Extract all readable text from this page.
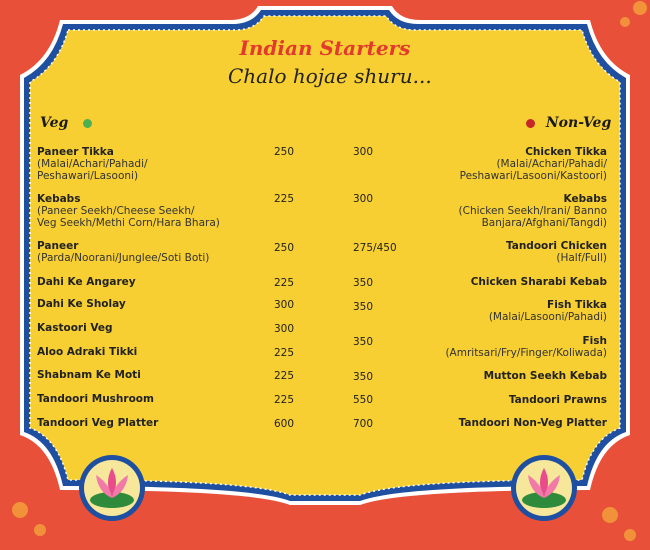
Indian Starters
Chalo hojae shuru...
Veg	Non-Veg
Paneer Tikka
(Malai/Achari/Pahadi/
Peshawari/Lasooni)
Kebabs
(Paneer Seekh/Cheese Seekh/
Veg Seekh/Methi Corn/Hara Bhara)
Paneer
(Parda/Noorani/Junglee/Soti Boti)
Dahi Ke Angarey
Dahi Ke Sholay
Kastoori Veg
Aloo Adraki Tikki
Shabnam Ke Moti
Tandoori Mushroom
Tandoori Veg Platter
250
225
250
225
300
300
225
225
225
600
300
300
275/450
350
350
350
350
550
700
Chicken Tikka
(Malai/Achari/Pahadi/
Peshawari/Lasooni/Kastoori)
Kebabs
(Chicken Seekh/Irani/ Banno
Banjara/Afghani/Tangdi)
Tandoori Chicken
(Half/Full)
Chicken Sharabi Kebab
Fish Tikka
(Malai/Lasooni/Pahadi)
Fish
(Amritsari/Fry/Finger/Koliwada)
Mutton Seekh Kebab
Tandoori Prawns
Tandoori Non-Veg Platter
